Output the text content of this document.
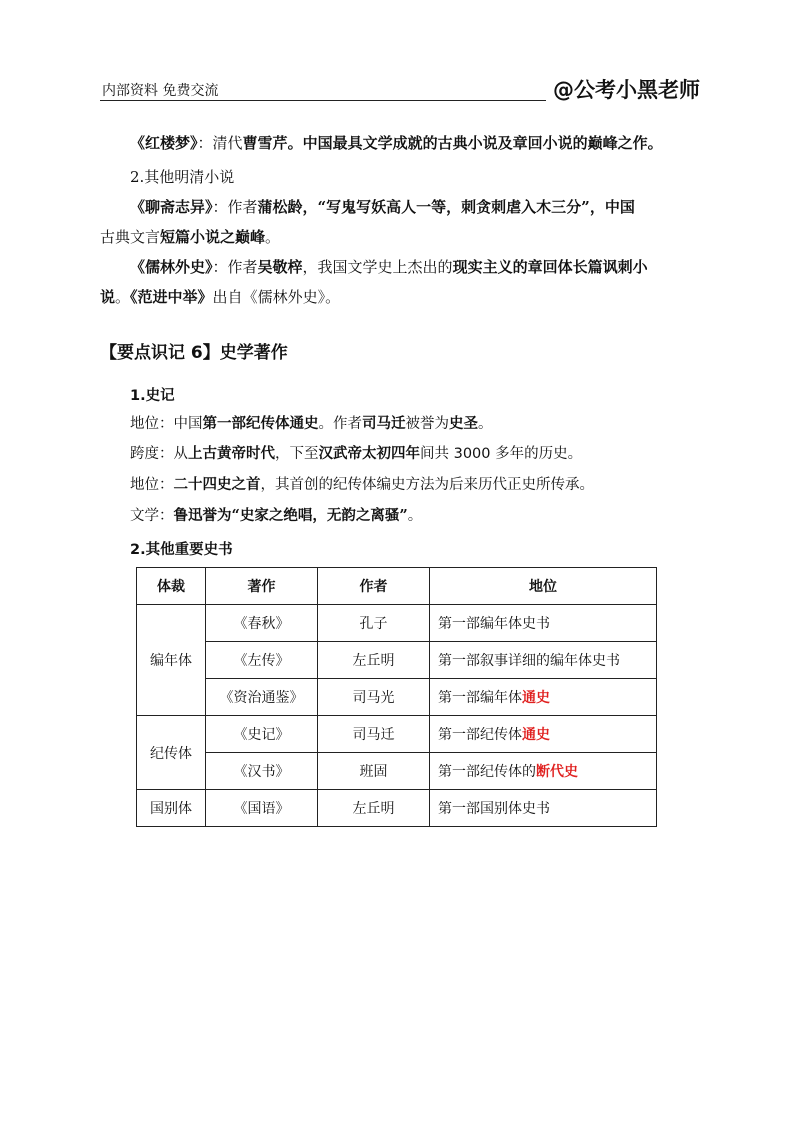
内部资料 免费交流	@公考小黑老师
《红楼梦》：清代曹雪芹。中国最具文学成就的古典小说及章回小说的巅峰之作。
2.其他明清小说
《聊斋志异》：作者蒲松龄，“写鬼写妖高人一等，刺贪刺虐入木三分”，中国
古典文言短篇小说之巅峰。
《儒林外史》：作者吴敬梓，我国文学史上杰出的现实主义的章回体长篇讽刺小
说。《范进中举》出自《儒林外史》。
【要点识记 6】史学著作
1.史记
地位：中国第一部纪传体通史。作者司马迁被誉为史圣。
跨度：从上古黄帝时代，下至汉武帝太初四年间共 3000 多年的历史。
地位：二十四史之首，其首创的纪传体编史方法为后来历代正史所传承。
文学：鲁迅誉为“史家之绝唱，无韵之离骚”。
2.其他重要史书
体裁	著作	作者	地位
编年体	《春秋》	孔子	第一部编年体史书
	《左传》	左丘明	第一部叙事详细的编年体史书
	《资治通鉴》	司马光	第一部编年体通史
纪传体	《史记》	司马迁	第一部纪传体通史
	《汉书》	班固	第一部纪传体的断代史
国别体	《国语》	左丘明	第一部国别体史书
